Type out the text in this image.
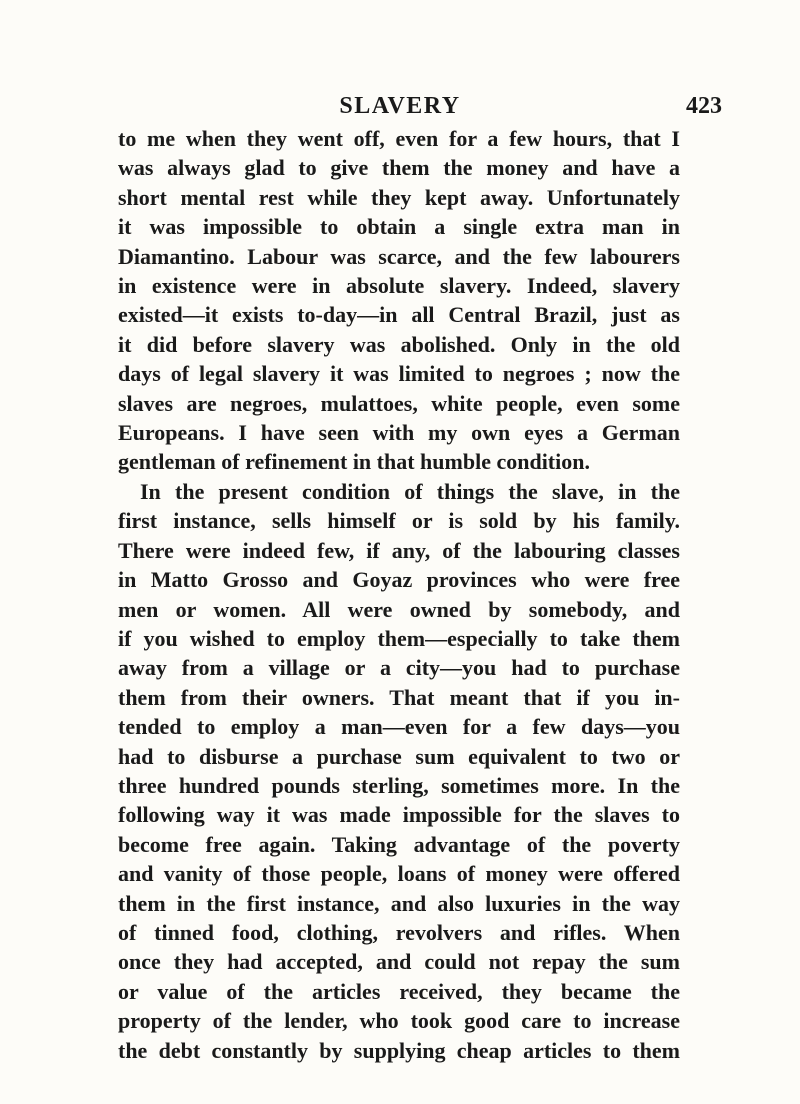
SLAVERY	423

to me when they went off, even for a few hours, that I
was always glad to give them the money and have a
short mental rest while they kept away. Unfortunately
it was impossible to obtain a single extra man in
Diamantino. Labour was scarce, and the few labourers
in existence were in absolute slavery. Indeed, slavery
existed—it exists to-day—in all Central Brazil, just as
it did before slavery was abolished. Only in the old
days of legal slavery it was limited to negroes ; now the
slaves are negroes, mulattoes, white people, even some
Europeans. I have seen with my own eyes a German
gentleman of refinement in that humble condition.

In the present condition of things the slave, in the
first instance, sells himself or is sold by his family.
There were indeed few, if any, of the labouring classes
in Matto Grosso and Goyaz provinces who were free
men or women. All were owned by somebody, and
if you wished to employ them—especially to take them
away from a village or a city—you had to purchase
them from their owners. That meant that if you in-
tended to employ a man—even for a few days—you
had to disburse a purchase sum equivalent to two or
three hundred pounds sterling, sometimes more. In the
following way it was made impossible for the slaves to
become free again. Taking advantage of the poverty
and vanity of those people, loans of money were offered
them in the first instance, and also luxuries in the way
of tinned food, clothing, revolvers and rifles. When
once they had accepted, and could not repay the sum
or value of the articles received, they became the
property of the lender, who took good care to increase
the debt constantly by supplying cheap articles to them
